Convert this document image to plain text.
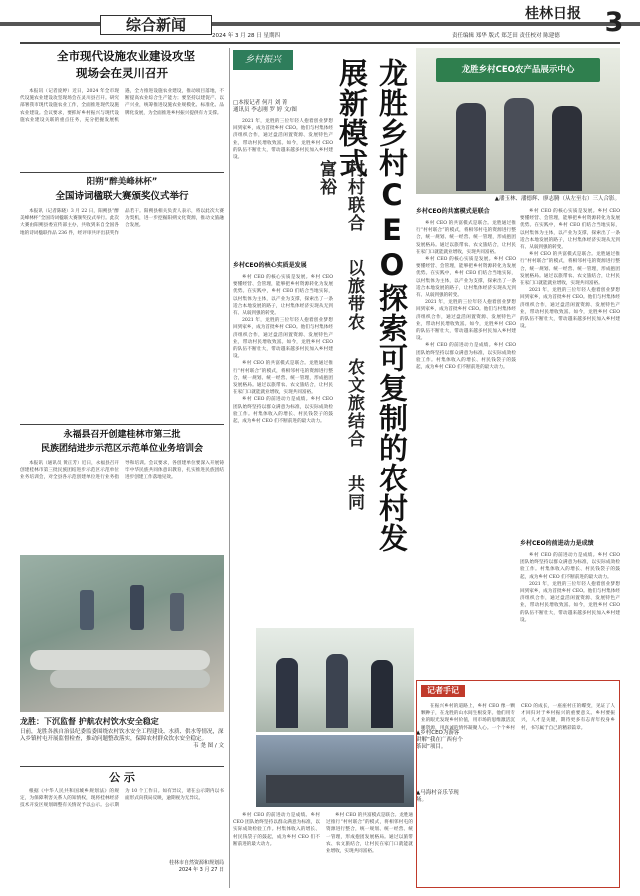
综合新闻
2024 年 3 月 28 日 星期四
桂林日报
责任编辑 郑华 版式 郑芝田 责任校对 陈建德	3
全市现代设施农业建设攻坚
现场会在灵川召开

本报讯（记者庞婷）近日，2024 年全市现代设施农业建设攻坚现场会在灵川县召开。研究部署我市现代设施农业工作，全面推进现代设施农业建设。会议要求，要抓好乡村振兴与现代设施农业建设关联的重点任务，充分把握发展机遇，全力推进设施农业建设，推动项目落地，不断提高农业综合生产能力；要坚持以建促产、以产兴业，统筹推进设施农业规模化、标准化、品牌化发展，为全面推进乡村振兴提供有力支撑。

阳朔“醉美峰林杯”
全国诗词楹联大赛颁奖仪式举行

本报讯（记者陈晓）3 月 22 日，阳朔县“醉美峰林杯”全国诗词楹联大赛颁奖仪式举行。此次大赛由阳朔县委宣传部主办，共收到来自全国各地的诗词楹联作品 236 件，经评审共评出获奖作品若干。阳朔县相关负责人表示，将以此次大赛为契机，进一步挖掘阳朔文化资源，推动文旅融合发展。

永福县召开创建桂林市第三批
民族团结进步示范区示范单位业务培训会

本报讯（通讯员 黄正芳）近日，永福县召开创建桂林市第三批民族团结进步示范区示范单位业务培训会，对全县各示范创建单位进行业务指导和培训。会议要求，各创建单位要深入开展铸牢中华民族共同体意识教育，扎实推进民族团结进步创建工作落地见效。

龙胜：下沉监督 护航农村饮水安全稳定
日前，龙胜各族自治县纪委监委围绕农村饮水安全工程建设、水质、供水等情况，深入乡镇村屯开展监督检查，推动问题整改落实，保障农村群众饮水安全稳定。
韦 尧 图 / 文
公 示

根据《中华人民共和国城乡规划法》的规定，为保障利害关系人的知情权，现将桂林经济技术开发区规划调整有关情况予以公示。公示期为 10 个工作日。如有异议，请在公示期内以书面形式向我局反映，逾期视为无异议。

桂林市自然资源和规划局
2024 年 3 月 27 日
乡村振兴
□本报记者 何月 刘 菁
通讯员 李志刚 罗 婷 文/图	龙胜乡村CEO探索可复制的农村发展新模式
村村联合 以旅带农 农文旅结合 共同富裕

2021 年，龙胜的三位年轻人抱着创业梦想回到家乡，成为首批乡村 CEO。他们与村集体经济组织合作，通过盘活闲置资源、发展特色产业，带动村民增收致富。如今，龙胜乡村 CEO 的队伍不断壮大，带动越来越多村民加入乡村建设。

乡村CEO的核心实质是发展

乡村 CEO 的核心实质是发展。乡村 CEO 要懂经营、会管理，能够把乡村资源转化为发展优势。在实践中，乡村 CEO 们结合当地实际，以村集体为主体，以产业为支撑，探索出了一条适合本地发展的路子，让村集体经济实现从无到有、从弱到强的转变。

2021 年，龙胜的三位年轻人抱着创业梦想回到家乡，成为首批乡村 CEO。他们与村集体经济组织合作，通过盘活闲置资源、发展特色产业，带动村民增收致富。如今，龙胜乡村 CEO 的队伍不断壮大，带动越来越多村民加入乡村建设。

乡村 CEO 的共富模式是联合。龙胜通过推行“村村联合”的模式，将相邻村屯的资源进行整合，统一规划、统一经营、统一管理，形成抱团发展格局。通过以旅带农、农文旅结合，让村民在家门口就能就业增收，实现共同富裕。

乡村 CEO 的前进动力是成绩。乡村 CEO 团队始终坚持以群众满意为标准，以实际成效检验工作。村集体收入的增长、村民钱袋子的鼓起，成为乡村 CEO 们不断前进的最大动力。

龙胜乡村CEO农产品展示中心
▲潘玉林、潘德辉、廖志腾（从左至右）三人合影。
乡村CEO的共富模式是联合

乡村 CEO 的共富模式是联合。龙胜通过推行“村村联合”的模式，将相邻村屯的资源进行整合，统一规划、统一经营、统一管理，形成抱团发展格局。通过以旅带农、农文旅结合，让村民在家门口就能就业增收，实现共同富裕。

乡村 CEO 的核心实质是发展。乡村 CEO 要懂经营、会管理，能够把乡村资源转化为发展优势。在实践中，乡村 CEO 们结合当地实际，以村集体为主体，以产业为支撑，探索出了一条适合本地发展的路子，让村集体经济实现从无到有、从弱到强的转变。

2021 年，龙胜的三位年轻人抱着创业梦想回到家乡，成为首批乡村 CEO。他们与村集体经济组织合作，通过盘活闲置资源、发展特色产业，带动村民增收致富。如今，龙胜乡村 CEO 的队伍不断壮大，带动越来越多村民加入乡村建设。

乡村 CEO 的前进动力是成绩。乡村 CEO 团队始终坚持以群众满意为标准，以实际成效检验工作。村集体收入的增长、村民钱袋子的鼓起，成为乡村 CEO 们不断前进的最大动力。

乡村 CEO 的核心实质是发展。乡村 CEO 要懂经营、会管理，能够把乡村资源转化为发展优势。在实践中，乡村 CEO 们结合当地实际，以村集体为主体，以产业为支撑，探索出了一条适合本地发展的路子，让村集体经济实现从无到有、从弱到强的转变。

乡村 CEO 的共富模式是联合。龙胜通过推行“村村联合”的模式，将相邻村屯的资源进行整合，统一规划、统一经营、统一管理，形成抱团发展格局。通过以旅带农、农文旅结合，让村民在家门口就能就业增收，实现共同富裕。

2021 年，龙胜的三位年轻人抱着创业梦想回到家乡，成为首批乡村 CEO。他们与村集体经济组织合作，通过盘活闲置资源、发展特色产业，带动村民增收致富。如今，龙胜乡村 CEO 的队伍不断壮大，带动越来越多村民加入乡村建设。

乡村CEO的前进动力是成绩

乡村 CEO 的前进动力是成绩。乡村 CEO 团队始终坚持以群众满意为标准，以实际成效检验工作。村集体收入的增长、村民钱袋子的鼓起，成为乡村 CEO 们不断前进的最大动力。

2021 年，龙胜的三位年轻人抱着创业梦想回到家乡，成为首批乡村 CEO。他们与村集体经济组织合作，通过盘活闲置资源、发展特色产业，带动村民增收致富。如今，龙胜乡村 CEO 的队伍不断壮大，带动越来越多村民加入乡村建设。

▲乡村CEO为游客讲解“我在广西有个茶园”项目。
▲马海村音乐节现场。
记者手记

在振兴乡村的道路上，乡村 CEO 像一颗颗种子，在龙胜的山水间生根发芽。他们用专业的眼光发现乡村价值，用市场的思维激活沉睡资源，用真诚的情怀凝聚人心。一个个乡村 CEO 的成长，一座座村庄的蝶变，见证了人才回归对于乡村振兴的重要意义。乡村要振兴，人才是关键，期待更多有志青年投身乡村，书写属于自己的精彩篇章。

乡村 CEO 的前进动力是成绩。乡村 CEO 团队始终坚持以群众满意为标准，以实际成效检验工作。村集体收入的增长、村民钱袋子的鼓起，成为乡村 CEO 们不断前进的最大动力。

乡村 CEO 的共富模式是联合。龙胜通过推行“村村联合”的模式，将相邻村屯的资源进行整合，统一规划、统一经营、统一管理，形成抱团发展格局。通过以旅带农、农文旅结合，让村民在家门口就能就业增收，实现共同富裕。
